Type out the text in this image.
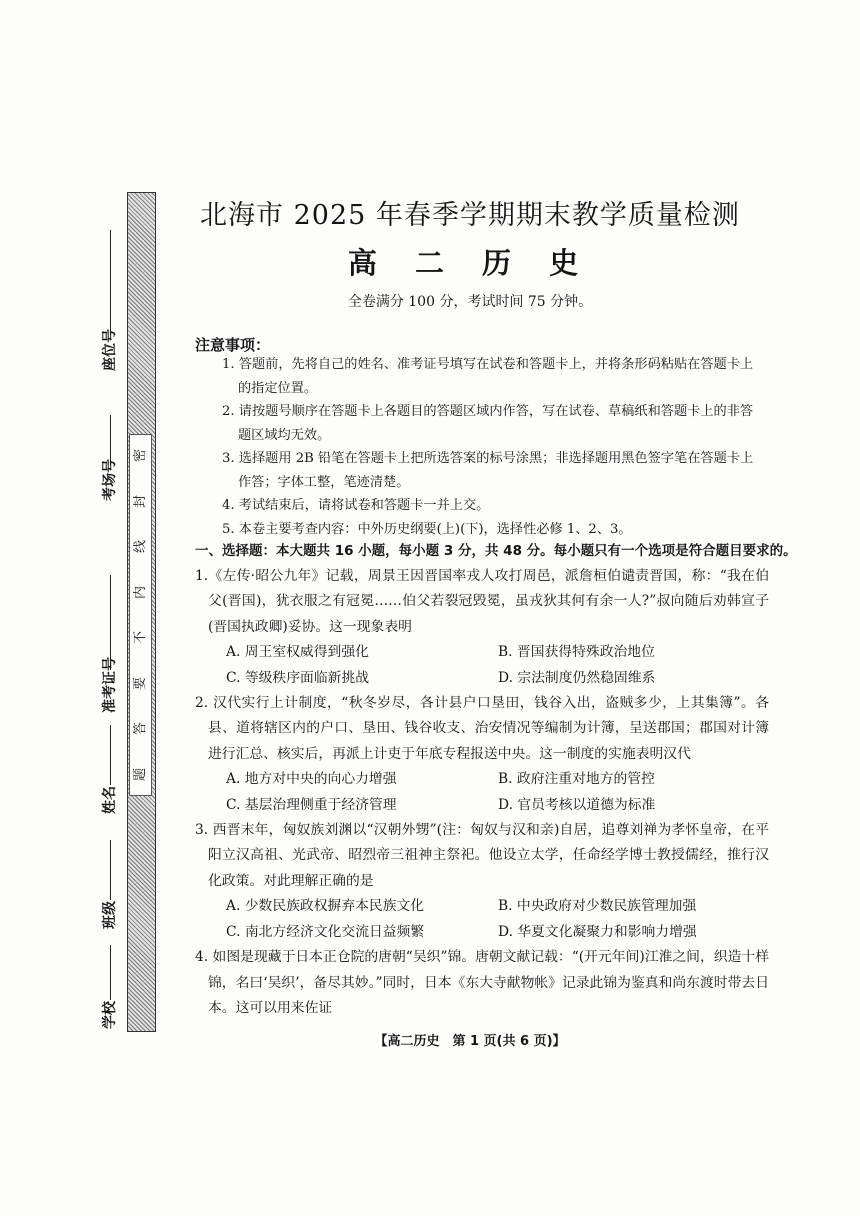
密
封
线
内
不
要
答
题
座位号
考场号
准考证号
姓名
班级
学校
北海市 2025 年春季学期期末教学质量检测
高 二 历 史
全卷满分 100 分，考试时间 75 分钟。
注意事项：
1. 答题前，先将自己的姓名、准考证号填写在试卷和答题卡上，并将条形码粘贴在答题卡上的指定位置。
2. 请按题号顺序在答题卡上各题目的答题区域内作答，写在试卷、草稿纸和答题卡上的非答题区域均无效。
3. 选择题用 2B 铅笔在答题卡上把所选答案的标号涂黑；非选择题用黑色签字笔在答题卡上作答；字体工整，笔迹清楚。
4. 考试结束后，请将试卷和答题卡一并上交。
5. 本卷主要考查内容：中外历史纲要(上)(下)，选择性必修 1、2、3。
一、选择题：本大题共 16 小题，每小题 3 分，共 48 分。每小题只有一个选项是符合题目要求的。
1.《左传·昭公九年》记载，周景王因晋国率戎人攻打周邑，派詹桓伯谴责晋国，称：“我在伯父(晋国)，犹衣服之有冠冕……伯父若裂冠毁冕，虽戎狄其何有余一人?”叔向随后劝韩宣子(晋国执政卿)妥协。这一现象表明
A. 周王室权威得到强化	B. 晋国获得特殊政治地位
C. 等级秩序面临新挑战	D. 宗法制度仍然稳固维系
2. 汉代实行上计制度，“秋冬岁尽，各计县户口垦田，钱谷入出，盗贼多少，上其集簿”。各县、道将辖区内的户口、垦田、钱谷收支、治安情况等编制为计簿，呈送郡国；郡国对计簿进行汇总、核实后，再派上计吏于年底专程报送中央。这一制度的实施表明汉代
A. 地方对中央的向心力增强	B. 政府注重对地方的管控
C. 基层治理侧重于经济管理	D. 官员考核以道德为标准
3. 西晋末年，匈奴族刘渊以“汉朝外甥”(注：匈奴与汉和亲)自居，追尊刘禅为孝怀皇帝，在平阳立汉高祖、光武帝、昭烈帝三祖神主祭祀。他设立太学，任命经学博士教授儒经，推行汉化政策。对此理解正确的是
A. 少数民族政权摒弃本民族文化	B. 中央政府对少数民族管理加强
C. 南北方经济文化交流日益频繁	D. 华夏文化凝聚力和影响力增强
4. 如图是现藏于日本正仓院的唐朝“吴织”锦。唐朝文献记载：“(开元年间)江淮之间，织造十样锦，名曰‘吴织’，备尽其妙。”同时，日本《东大寺献物帐》记录此锦为鉴真和尚东渡时带去日本。这可以用来佐证
【高二历史　第 1 页(共 6 页)】
